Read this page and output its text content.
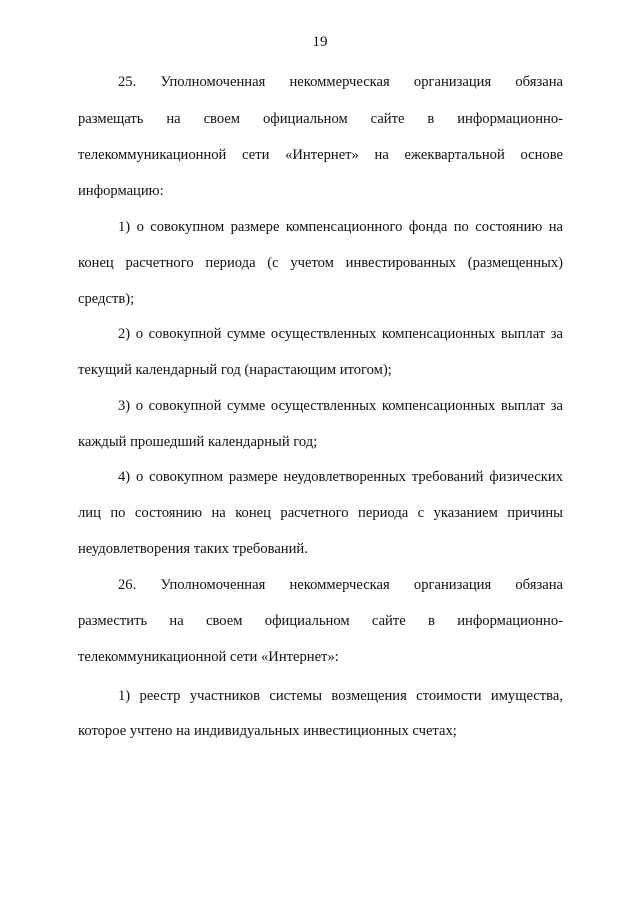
19
25. Уполномоченная некоммерческая организация обязана
размещать на своем официальном сайте в информационно-
телекоммуникационной сети «Интернет» на ежеквартальной основе
информацию:
1) о совокупном размере компенсационного фонда по состоянию на
конец расчетного периода (с учетом инвестированных (размещенных)
средств);
2) о совокупной сумме осуществленных компенсационных выплат за
текущий календарный год (нарастающим итогом);
3) о совокупной сумме осуществленных компенсационных выплат за
каждый прошедший календарный год;
4) о совокупном размере неудовлетворенных требований физических
лиц по состоянию на конец расчетного периода с указанием причины
неудовлетворения таких требований.
26. Уполномоченная некоммерческая организация обязана
разместить на своем официальном сайте в информационно-
телекоммуникационной сети «Интернет»:
1) реестр участников системы возмещения стоимости имущества,
которое учтено на индивидуальных инвестиционных счетах;
